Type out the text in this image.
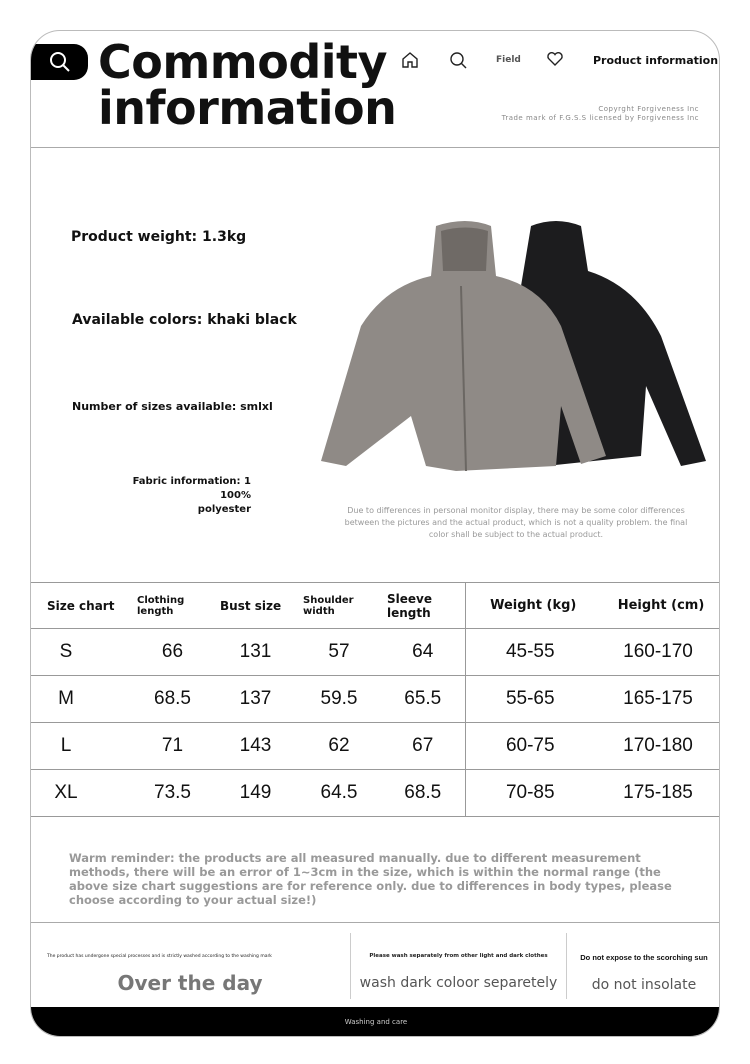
Commodity
information
Field	Product information
Copyrght Forgiveness Inc
Trade mark of F.G.S.S licensed by Forgiveness Inc
Product weight: 1.3kg
Available colors: khaki black
Number of sizes available: smlxl
Fabric information: 1 100%
polyester	Due to differences in personal monitor display, there may be some color differences between the pictures and the actual product, which is not a quality problem. the final color shall be subject to the actual product.
Size chart	Clothing length	Bust size	Shoulder width	Sleeve length	Weight (kg)	Height (cm)
S	66	131	57	64	45-55	160-170
M	68.5	137	59.5	65.5	55-65	165-175
L	71	143	62	67	60-75	170-180
XL	73.5	149	64.5	68.5	70-85	175-185
Warm reminder: the products are all measured manually. due to different measurement methods, there will be an error of 1~3cm in the size, which is within the normal range (the above size chart suggestions are for reference only. due to differences in body types, please choose according to your actual size!)
The product has undergone special processes and is strictly washed according to the washing mark
Over the day
Please wash separately from other light and dark clothes
wash dark coloor separetely
Do not expose to the scorching sun
do not insolate
Washing and care
